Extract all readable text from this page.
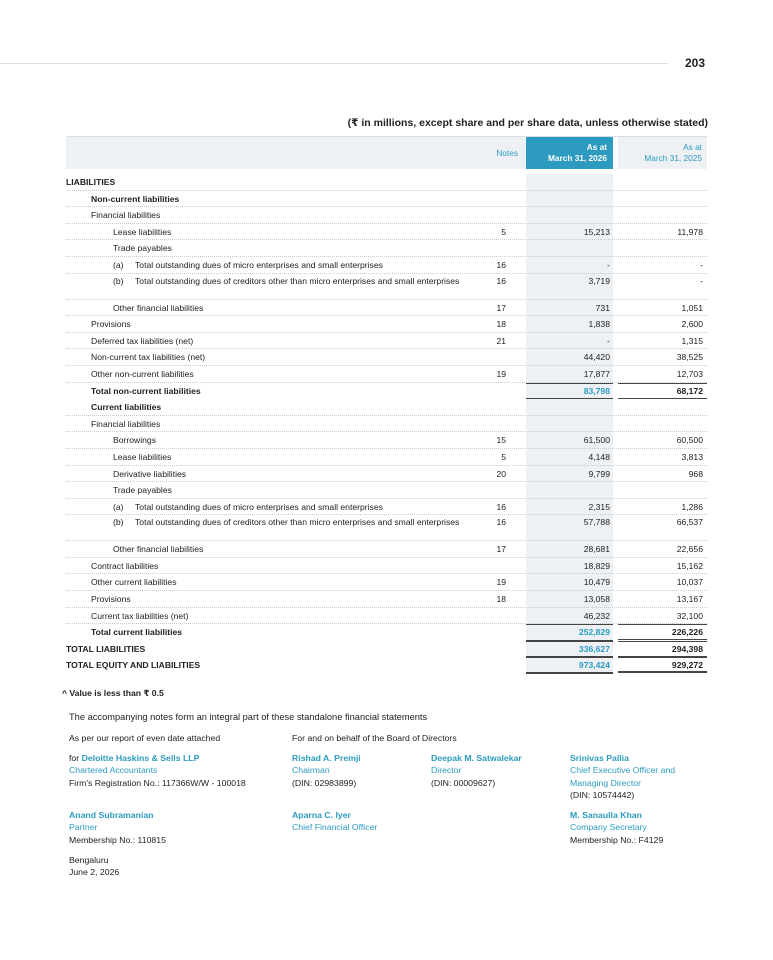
203
(₹ in millions, except share and per share data, unless otherwise stated)
Notes
As at
March 31, 2026
As at
March 31, 2025
LIABILITIES
Non-current liabilities
Financial liabilities
Lease liabilities	5	15,213	11,978
Trade payables
(a) Total outstanding dues of micro enterprises and small enterprises	16	-	-
(b) Total outstanding dues of creditors other than micro enterprises and small enterprises	16	3,719	-
Other financial liabilities	17	731	1,051
Provisions	18	1,838	2,600
Deferred tax liabilities (net)	21	-	1,315
Non-current tax liabilities (net)	44,420	38,525
Other non-current liabilities	19	17,877	12,703
Total non-current liabilities	83,798	68,172
Current liabilities
Financial liabilities
Borrowings	15	61,500	60,500
Lease liabilities	5	4,148	3,813
Derivative liabilities	20	9,799	968
Trade payables
(a) Total outstanding dues of micro enterprises and small enterprises	16	2,315	1,286
(b) Total outstanding dues of creditors other than micro enterprises and small enterprises	16	57,788	66,537
Other financial liabilities	17	28,681	22,656
Contract liabilities	18,829	15,162
Other current liabilities	19	10,479	10,037
Provisions	18	13,058	13,167
Current tax liabilities (net)	46,232	32,100
Total current liabilities	252,829	226,226
TOTAL LIABILITIES	336,627	294,398
TOTAL EQUITY AND LIABILITIES	973,424	929,272
^ Value is less than ₹ 0.5
The accompanying notes form an integral part of these standalone financial statements
As per our report of even date attached	For and on behalf of the Board of Directors
for Deloitte Haskins & Sells LLP
Chartered Accountants
Firm's Registration No.: 117366W/W - 100018
Rishad A. Premji
Chairman
(DIN: 02983899)
Deepak M. Satwalekar
Director
(DIN: 00009627)
Srinivas Pallia
Chief Executive Officer and
Managing Director
(DIN: 10574442)
Anand Subramanian
Partner
Membership No.: 110815
Aparna C. Iyer
Chief Financial Officer
M. Sanaulla Khan
Company Secretary
Membership No.: F4129
Bengaluru
June 2, 2026
